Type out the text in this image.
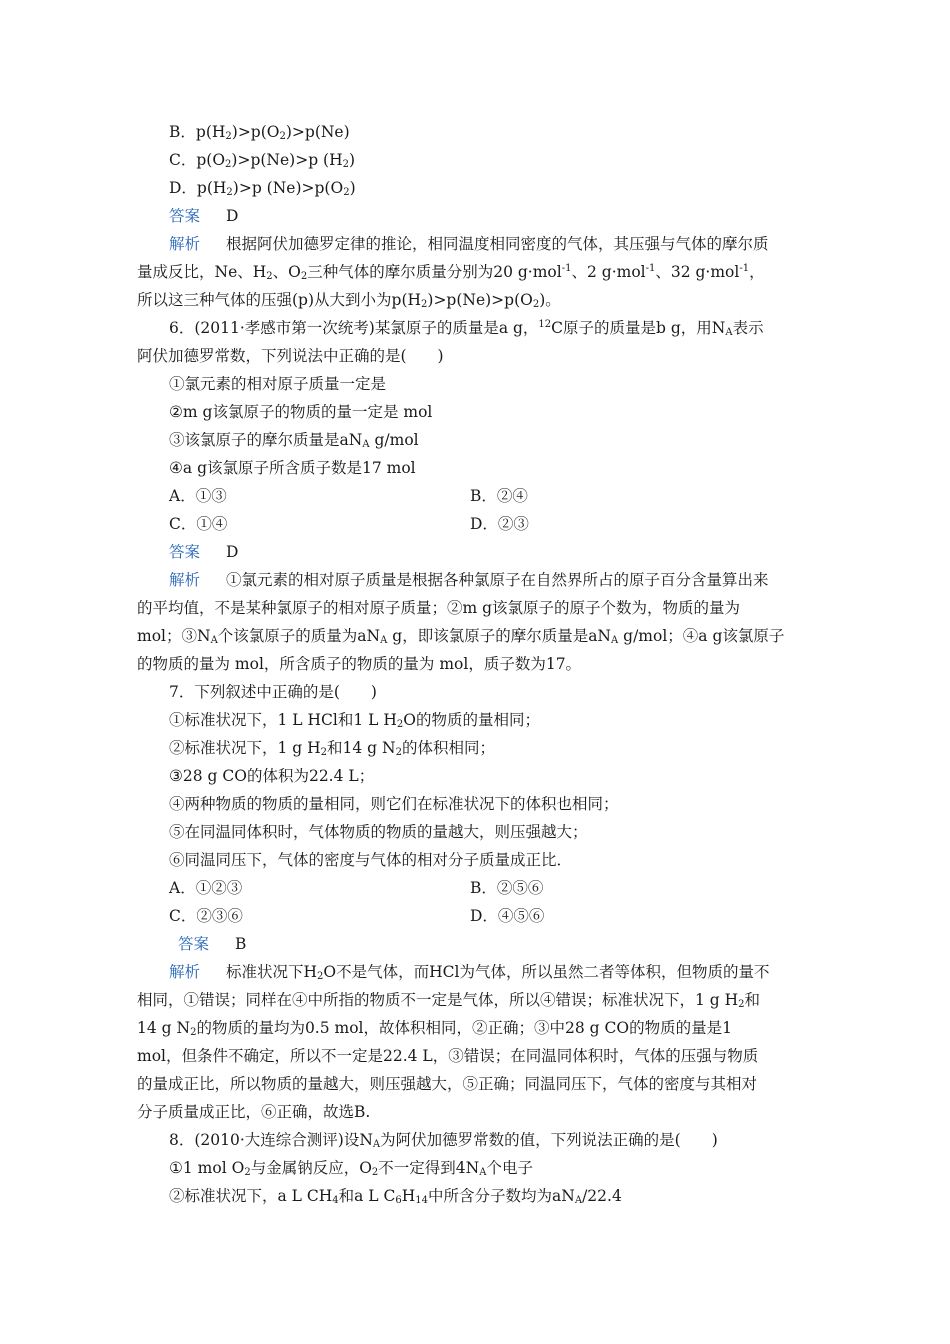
B．$p(H_2)>p(O_2)>p(Ne)$
C．$p(O_2)>p(Ne)>p$ $(H_2)$
D．$p(H_2)>p$ $(Ne)>p(O_2)$
答案 D
解析 根据阿伏加德罗定律的推论，相同温度相同密度的气体，其压强与气体的摩尔质
量成反比，Ne、$H_2$、$O_2$三种气体的摩尔质量分别为20 g·mol$^{-1}$、2 g·mol$^{-1}$、32 g·mol$^{-1}$，
所以这三种气体的压强(p)从大到小为$p(H_2)>p(Ne)>p(O_2)$。
6．(2011·孝感市第一次统考)某氯原子的质量是a g，$^{12}$C原子的质量是b g，用$N_A$表示
阿伏加德罗常数，下列说法中正确的是(　　)
①氯元素的相对原子质量一定是
②m g该氯原子的物质的量一定是 mol
③该氯原子的摩尔质量是$aN_A$ g/mol
④a g该氯原子所含质子数是17 mol
A．①③	B．②④
C．①④	D．②③
答案 D
解析 ①氯元素的相对原子质量是根据各种氯原子在自然界所占的原子百分含量算出来
的平均值，不是某种氯原子的相对原子质量；②m g该氯原子的原子个数为，物质的量为
mol；$③N_A$个该氯原子的质量为$aN_A$ g，即该氯原子的摩尔质量是$aN_A$ g/mol；④a g该氯原子
的物质的量为 mol，所含质子的物质的量为 mol，质子数为17。
7．下列叙述中正确的是(　　)
①标准状况下，1 L HCl和1 L $H_2O$的物质的量相同；
②标准状况下，1 g $H_2$和14 g $N_2$的体积相同；
③28 g CO的体积为22.4 L；
④两种物质的物质的量相同，则它们在标准状况下的体积也相同；
⑤在同温同体积时，气体物质的物质的量越大，则压强越大；
⑥同温同压下，气体的密度与气体的相对分子质量成正比．
A．①②③	B．②⑤⑥
C．②③⑥	D．④⑤⑥
答案 B
解析 标准状况下$H_2O$不是气体，而HCl为气体，所以虽然二者等体积，但物质的量不
相同，①错误；同样在④中所指的物质不一定是气体，所以④错误；标准状况下，1 g $H_2$和
14 g $N_2$的物质的量均为0.5 mol，故体积相同，②正确；③中28 g CO的物质的量是1
mol，但条件不确定，所以不一定是22.4 L，③错误；在同温同体积时，气体的压强与物质
的量成正比，所以物质的量越大，则压强越大，⑤正确；同温同压下，气体的密度与其相对
分子质量成正比，⑥正确，故选B.
8．(2010·大连综合测评)设$N_A$为阿伏加德罗常数的值，下列说法正确的是(　　)
①1 mol $O_2$与金属钠反应，$O_2$不一定得到$4N_A$个电子
②标准状况下，a L $CH_4$和a L $C_6H_{14}$中所含分子数均为$aN_A/22.4$
